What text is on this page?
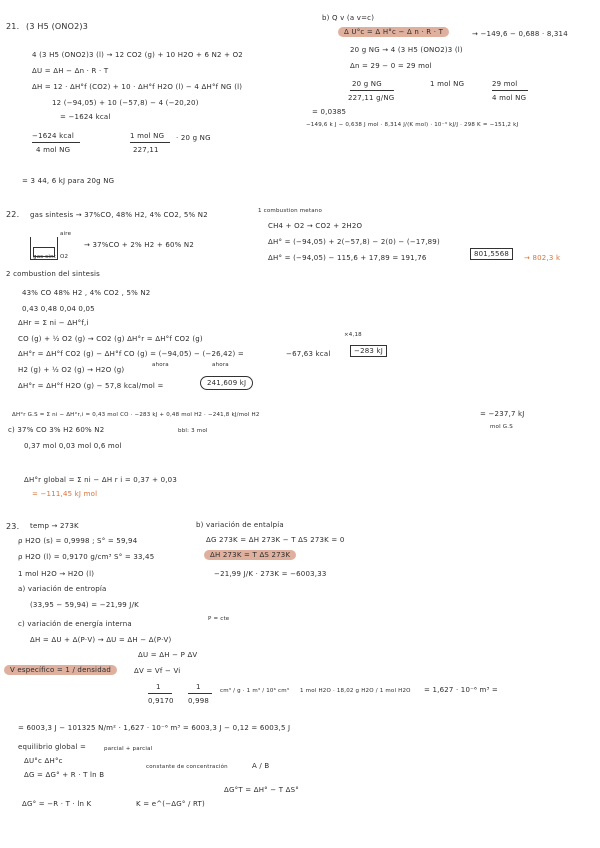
21. (3 H5 (ONO2)3
b) Q v (a v=c)
Δ U°c = Δ H°c − Δ n · R · T	→ −149,6 − 0,688 · 8,314
4 (3 H5 (ONO2)3 (l) → 12 CO2 (g) + 10 H2O + 6 N2 + O2
ΔU = ΔH − Δn · R · T
ΔH = 12 · ΔH°f (CO2) + 10 · ΔH°f H2O (l) − 4 ΔH°f NG (l)
12 (−94,05) + 10 (−57,8) − 4 (−20,20)
= −1624 kcal
−1624 kcal
4 mol NG
1 mol NG
227,11
· 20 g NG
20 g NG → 4 (3 H5 (ONO2)3 (l)
Δn = 29 − 0 = 29 mol
20 g NG
227,11 g/NG
1 mol NG	29 mol
4 mol NG
= 0,0385
−149,6 k J − 0,638 J mol · 8,314 J/(K mol) · 10⁻³ kJ/J · 298 K = −151,2 kJ
= 3 44, 6 kJ para 20g NG
22. gas sintesis → 37%CO, 48% H2, 4% CO2, 5% N2	1 combustion metano
CH4 + O2 → CO2 + 2H2O
ΔH° = (−94,05) + 2(−57,8) − 2(0) − (−17,89)
ΔH° = (−94,05) − 115,6 + 17,89 = 191,76	801,5568	→ 802,3 k
aire
gas sint O2
→ 37%CO + 2% H2 + 60% N2
2 combustion del sintesis
43% CO 48% H2 , 4% CO2 , 5% N2
0,43 0,48 0,04 0,05
ΔHr = Σ ni − ΔH°f,i
CO (g) + ½ O2 (g) → CO2 (g) ΔH°r = ΔH°f CO2 (g)
ΔH°r = ΔH°f CO2 (g) − ΔH°f CO (g) = (−94,05) − (−26,42) =
ahora	ahora
−67,63 kcal
×4,18
−283 kJ
H2 (g) + ½ O2 (g) → H2O (g)
ΔH°r = ΔH°f H2O (g) − 57,8 kcal/mol =	241,609 kJ
ΔH°r G.S = Σ ni − ΔH°r,i = 0,43 mol CO · −283 kJ + 0,48 mol H2 · −241,8 kJ/mol H2	= −237,7 kJ
mol G.S
c) 37% CO 3% H2 60% N2	bbl: 3 mol
0,37 mol 0,03 mol 0,6 mol
ΔH°r global = Σ ni − ΔH r i = 0,37 + 0,03
= −111,45 kJ mol
23. temp → 273K
ρ H2O (s) = 0,9998 ; S° = 59,94
ρ H2O (l) = 0,9170 g/cm³ S° = 33,45
1 mol H2O → H2O (l)
a) variación de entropía
(33,95 − 59,94) = −21,99 J/K
c) variación de energía interna
P = cte
ΔH = ΔU + Δ(P·V) → ΔU = ΔH − Δ(P·V)
ΔU = ΔH − P ΔV
V específico = 1 / densidad	ΔV = Vf − Vi
1
0,9170
1
0,998
cm³ / g · 1 m³ / 10⁶ cm³ 1 mol H2O · 18,02 g H2O / 1 mol H2O = 1,627 · 10⁻⁶ m³ =
b) variación de entalpía
ΔG 273K = ΔH 273K − T ΔS 273K = 0
ΔH 273K = T ΔS 273K
−21,99 J/K · 273K = −6003,33
= 6003,3 J − 101325 N/m² · 1,627 · 10⁻⁶ m³ = 6003,3 J − 0,12 = 6003,5 J
equilibrio global =	parcial + parcial
ΔU°c ΔH°c
ΔG = ΔG° + R · T ln B
constante de concentración	A / B
ΔG° = −R · T · ln K	K = e^(−ΔG° / RT)
ΔG°T = ΔH° − T ΔS°
